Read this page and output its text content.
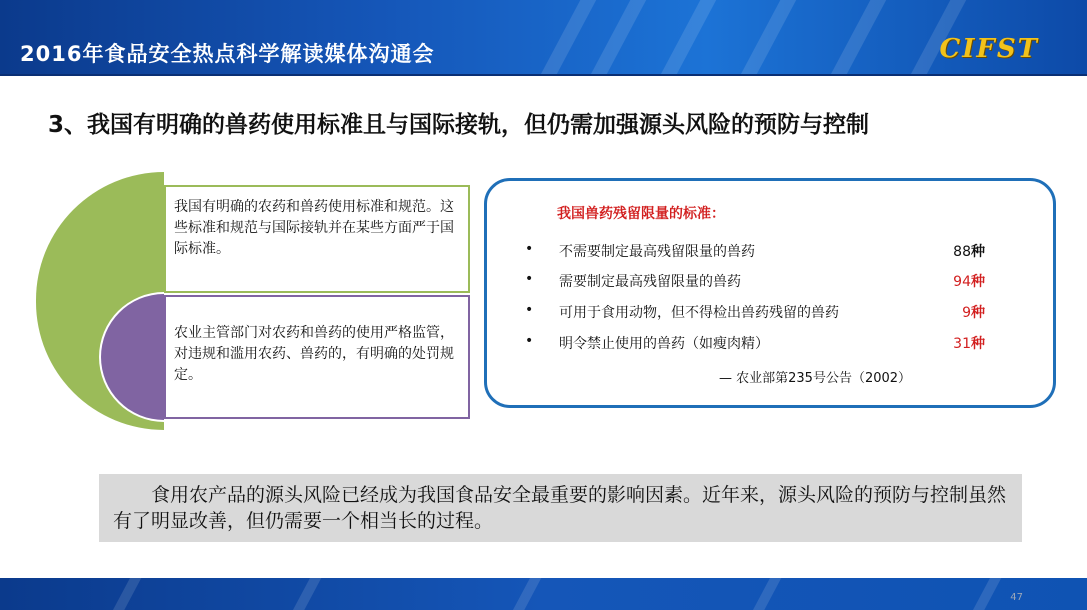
2016年食品安全热点科学解读媒体沟通会	CIFST
3、我国有明确的兽药使用标准且与国际接轨，但仍需加强源头风险的预防与控制
我国有明确的农药和兽药使用标准和规范。这些标准和规范与国际接轨并在某些方面严于国际标准。
农业主管部门对农药和兽药的使用严格监管，对违规和滥用农药、兽药的，有明确的处罚规定。
我国兽药残留限量的标准：
• 不需要制定最高残留限量的兽药	88种
• 需要制定最高残留限量的兽药	94种
• 可用于食用动物，但不得检出兽药残留的兽药	9种
• 明令禁止使用的兽药（如瘦肉精）	31种
— 农业部第235号公告（2002）
食用农产品的源头风险已经成为我国食品安全最重要的影响因素。近年来，源头风险的预防与控制虽然有了明显改善，但仍需要一个相当长的过程。
47
